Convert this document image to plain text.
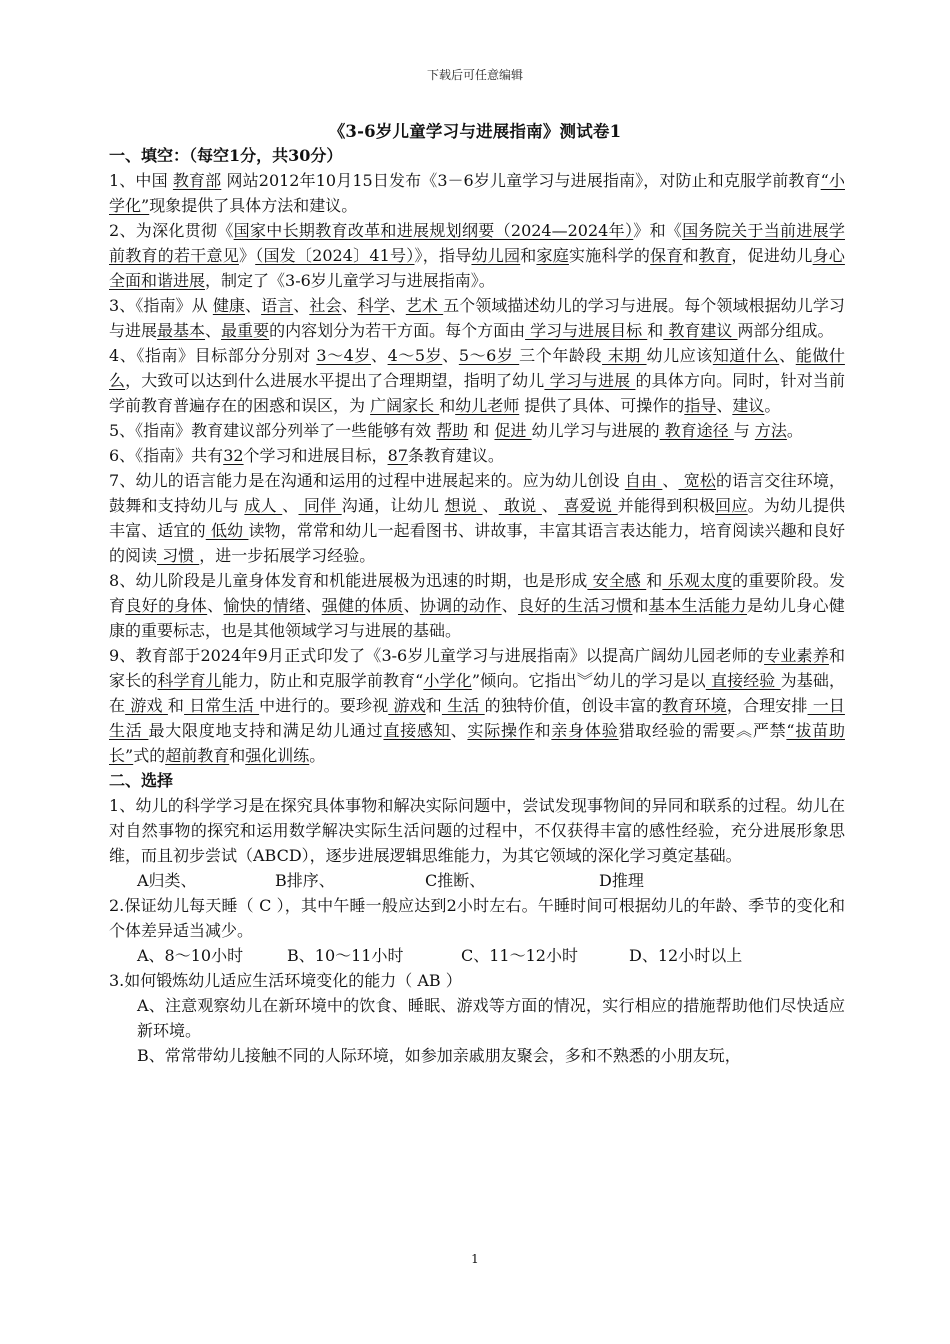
下载后可任意编辑
《3-6岁儿童学习与进展指南》测试卷1

一、填空：（每空1分，共30分）

1、中国 教育部 网站2012年10月15日发布《3－6岁儿童学习与进展指南》，对防止和克服学前教育“小学化”现象提供了具体方法和建议。

2、为深化贯彻《国家中长期教育改革和进展规划纲要（2024—2024年）》和《国务院关于当前进展学前教育的若干意见》（国发〔2024〕41号）》，指导幼儿园和家庭实施科学的保育和教育，促进幼儿身心全面和谐进展，制定了《3-6岁儿童学习与进展指南》。

3、《指南》从 健康、语言、社会、科学、艺术 五个领域描述幼儿的学习与进展。每个领域根据幼儿学习与进展最基本、最重要的内容划分为若干方面。每个方面由 学习与进展目标 和 教育建议 两部分组成。

4、《指南》目标部分分别对 3～4岁、4～5岁、5～6岁 三个年龄段 末期 幼儿应该知道什么、能做什么，大致可以达到什么进展水平提出了合理期望，指明了幼儿 学习与进展 的具体方向。同时，针对当前学前教育普遍存在的困惑和误区，为 广阔家长 和幼儿老师 提供了具体、可操作的指导、建议。

5、《指南》教育建议部分列举了一些能够有效 帮助 和 促进 幼儿学习与进展的 教育途径 与 方法。

6、《指南》共有32个学习和进展目标，87条教育建议。

7、幼儿的语言能力是在沟通和运用的过程中进展起来的。应为幼儿创设 自由 、 宽松的语言交往环境，鼓舞和支持幼儿与 成人 、 同伴 沟通，让幼儿 想说 、 敢说 、 喜爱说 并能得到积极回应。为幼儿提供丰富、适宜的 低幼 读物，常常和幼儿一起看图书、讲故事，丰富其语言表达能力，培育阅读兴趣和良好的阅读 习惯 ，进一步拓展学习经验。

8、幼儿阶段是儿童身体发育和机能进展极为迅速的时期，也是形成 安全感 和 乐观太度的重要阶段。发育良好的身体、愉快的情绪、强健的体质、协调的动作、良好的生活习惯和基本生活能力是幼儿身心健康的重要标志，也是其他领域学习与进展的基础。

9、教育部于2024年9月正式印发了《3-6岁儿童学习与进展指南》以提高广阔幼儿园老师的专业素养和家长的科学育儿能力，防止和克服学前教育“小学化”倾向。它指出︾幼儿的学习是以 直接经验 为基础，在 游戏 和 日常生活 中进行的。要珍视 游戏和 生活 的独特价值，创设丰富的教育环境，合理安排 一日生活 最大限度地支持和满足幼儿通过直接感知、实际操作和亲身体验猎取经验的需要︽严禁“拔苗助长”式的超前教育和强化训练。

二、选择

1、幼儿的科学学习是在探究具体事物和解决实际问题中，尝试发现事物间的异同和联系的过程。幼儿在对自然事物的探究和运用数学解决实际生活问题的过程中，不仅获得丰富的感性经验，充分进展形象思维，而且初步尝试（ABCD），逐步进展逻辑思维能力，为其它领域的深化学习奠定基础。

A归类、	B排序、	C推断、	D推理

2.保证幼儿每天睡（ C ），其中午睡一般应达到2小时左右。午睡时间可根据幼儿的年龄、季节的变化和个体差异适当减少。

A、8～10小时	B、10～11小时	C、11～12小时	D、12小时以上

3.如何锻炼幼儿适应生活环境变化的能力（ AB ）

A、注意观察幼儿在新环境中的饮食、睡眠、游戏等方面的情况，实行相应的措施帮助他们尽快适应新环境。

B、常常带幼儿接触不同的人际环境，如参加亲戚朋友聚会，多和不熟悉的小朋友玩，

1
